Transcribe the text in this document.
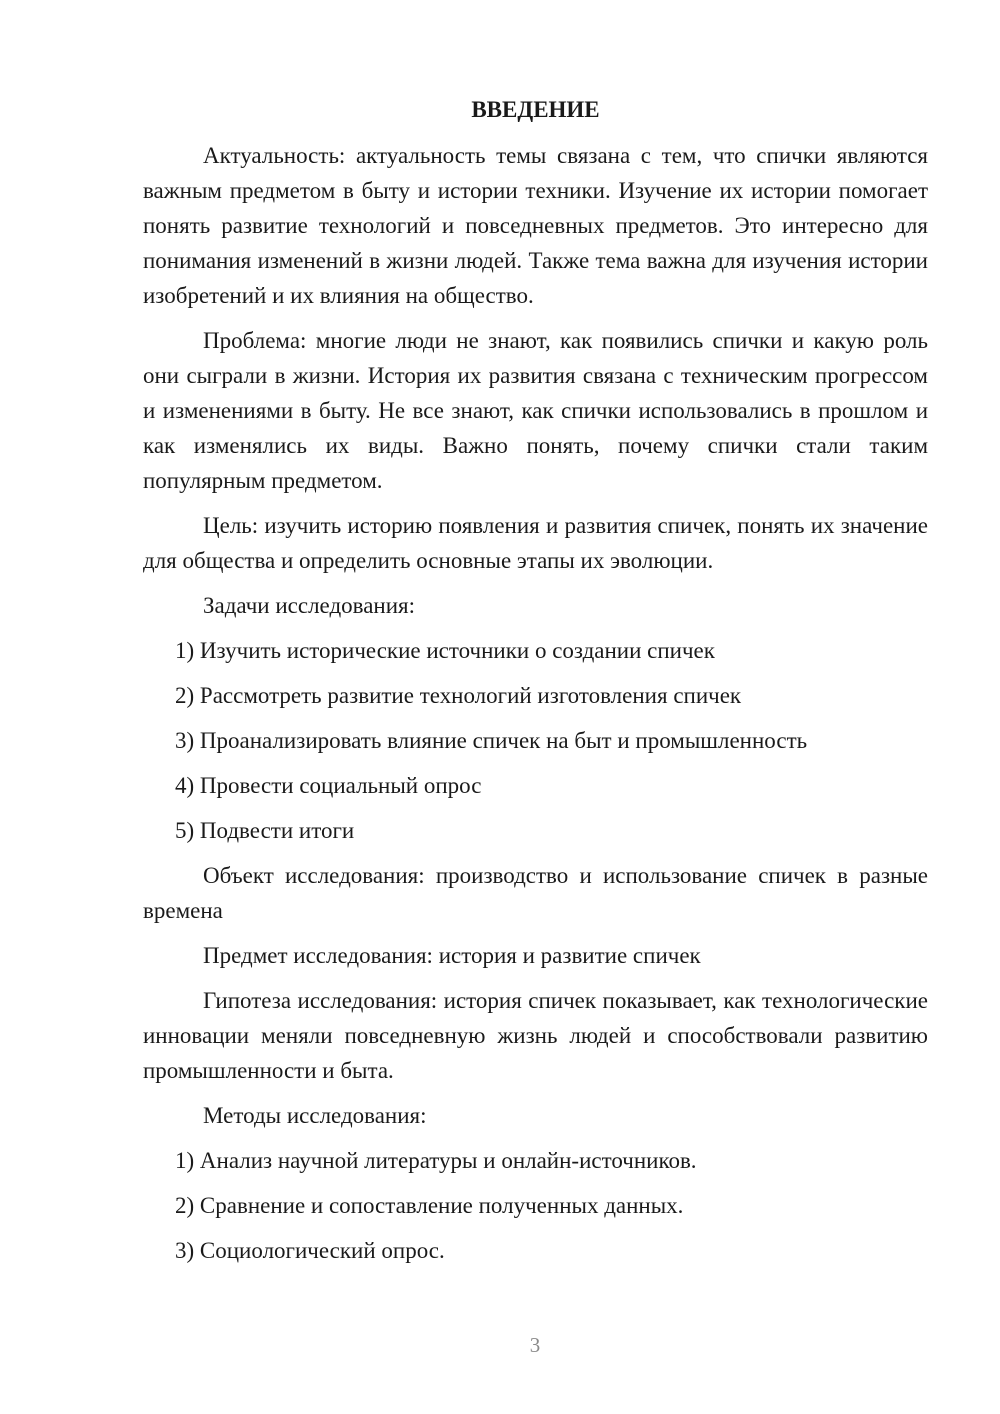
ВВЕДЕНИЕ

Актуальность: актуальность темы связана с тем, что спички являются важным предметом в быту и истории техники. Изучение их истории помогает понять развитие технологий и повседневных предметов. Это интересно для понимания изменений в жизни людей. Также тема важна для изучения истории изобретений и их влияния на общество.

Проблема: многие люди не знают, как появились спички и какую роль они сыграли в жизни. История их развития связана с техническим прогрессом и изменениями в быту. Не все знают, как спички использовались в прошлом и как изменялись их виды. Важно понять, почему спички стали таким популярным предметом.

Цель: изучить историю появления и развития спичек, понять их значение для общества и определить основные этапы их эволюции.

Задачи исследования:

1) Изучить исторические источники о создании спичек

2) Рассмотреть развитие технологий изготовления спичек

3) Проанализировать влияние спичек на быт и промышленность

4) Провести социальный опрос

5) Подвести итоги

Объект исследования: производство и использование спичек в разные времена

Предмет исследования: история и развитие спичек

Гипотеза исследования: история спичек показывает, как технологические инновации меняли повседневную жизнь людей и способствовали развитию промышленности и быта.

Методы исследования:

1) Анализ научной литературы и онлайн-источников.

2) Сравнение и сопоставление полученных данных.

3) Социологический опрос.

3
